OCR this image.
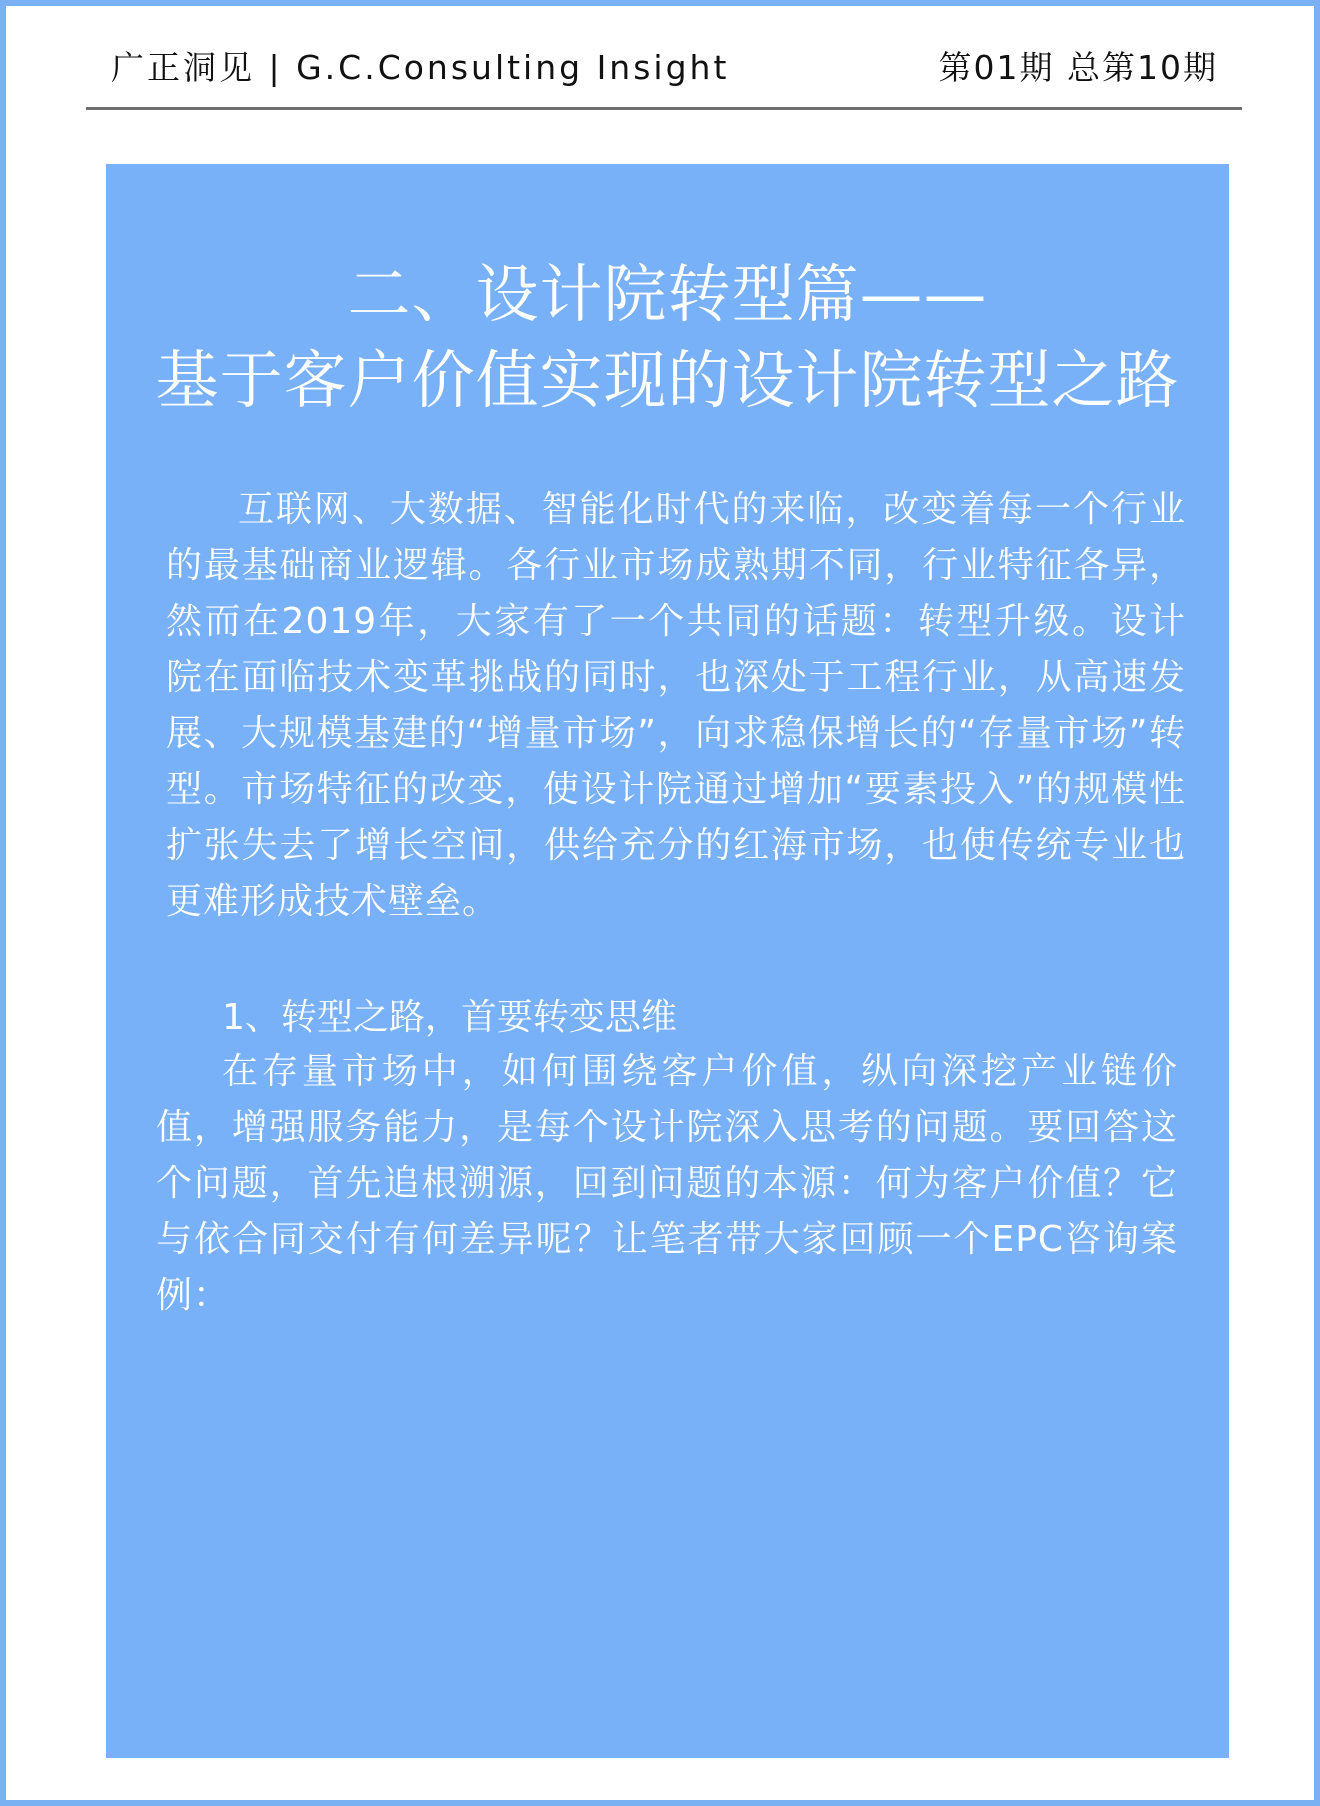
广正洞见 | G.C.Consulting Insight	第01期 总第10期
二、设计院转型篇——
基于客户价值实现的设计院转型之路
互联网、大数据、智能化时代的来临，改变着每一个行业的最基础商业逻辑。各行业市场成熟期不同，行业特征各异，然而在2019年，大家有了一个共同的话题：转型升级。设计院在面临技术变革挑战的同时，也深处于工程行业，从高速发展、大规模基建的“增量市场”，向求稳保增长的“存量市场”转型。市场特征的改变，使设计院通过增加“要素投入”的规模性扩张失去了增长空间，供给充分的红海市场，也使传统专业也更难形成技术壁垒。
1、转型之路，首要转变思维
在存量市场中，如何围绕客户价值，纵向深挖产业链价值，增强服务能力，是每个设计院深入思考的问题。要回答这个问题，首先追根溯源，回到问题的本源：何为客户价值？它与依合同交付有何差异呢？让笔者带大家回顾一个EPC咨询案例：
